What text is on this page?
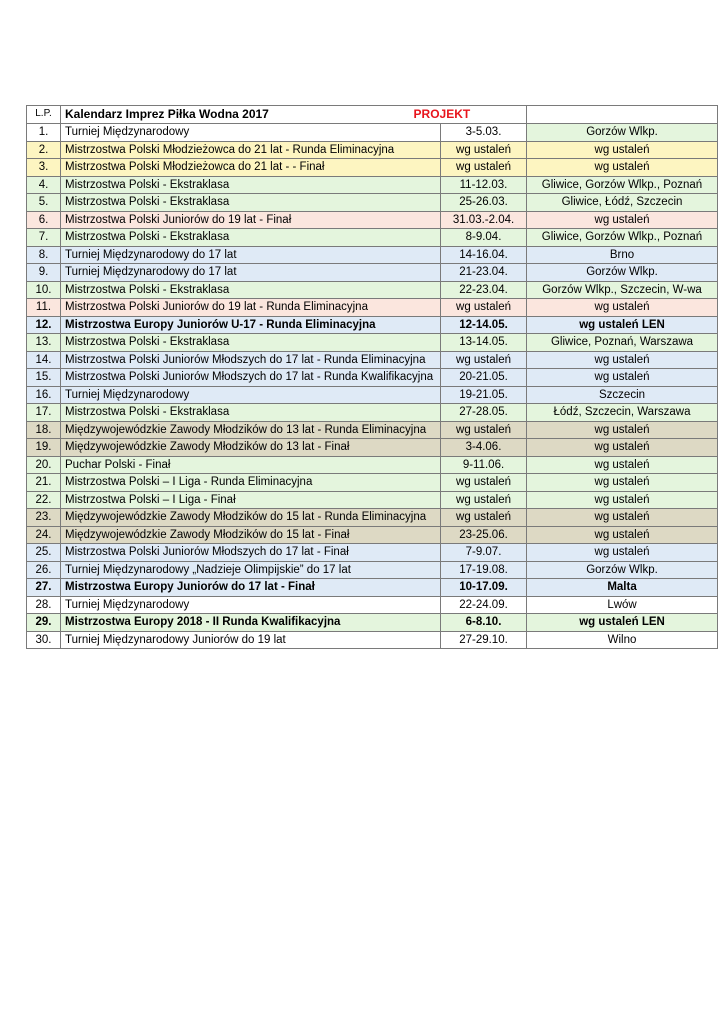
L.P.	Kalendarz Imprez Piłka Wodna 2017 PROJEKT		
1.	Turniej Międzynarodowy	3-5.03.	Gorzów Wlkp.
2.	Mistrzostwa Polski Młodzieżowca do 21 lat - Runda Eliminacyjna	wg ustaleń	wg ustaleń
3.	Mistrzostwa Polski Młodzieżowca do 21 lat - - Finał	wg ustaleń	wg ustaleń
4.	Mistrzostwa Polski - Ekstraklasa	11-12.03.	Gliwice, Gorzów Wlkp., Poznań
5.	Mistrzostwa Polski - Ekstraklasa	25-26.03.	Gliwice, Łódź, Szczecin
6.	Mistrzostwa Polski Juniorów do 19 lat - Finał	31.03.-2.04.	wg ustaleń
7.	Mistrzostwa Polski - Ekstraklasa	8-9.04.	Gliwice, Gorzów Wlkp., Poznań
8.	Turniej Międzynarodowy do 17 lat	14-16.04.	Brno
9.	Turniej Międzynarodowy do 17 lat	21-23.04.	Gorzów Wlkp.
10.	Mistrzostwa Polski - Ekstraklasa	22-23.04.	Gorzów Wlkp., Szczecin, W-wa
11.	Mistrzostwa Polski Juniorów do 19 lat - Runda Eliminacyjna	wg ustaleń	wg ustaleń
12.	Mistrzostwa Europy Juniorów U-17 - Runda Eliminacyjna	12-14.05.	wg ustaleń LEN
13.	Mistrzostwa Polski - Ekstraklasa	13-14.05.	Gliwice, Poznań, Warszawa
14.	Mistrzostwa Polski Juniorów Młodszych do 17 lat - Runda Eliminacyjna	wg ustaleń	wg ustaleń
15.	Mistrzostwa Polski Juniorów Młodszych do 17 lat - Runda Kwalifikacyjna	20-21.05.	wg ustaleń
16.	Turniej Międzynarodowy	19-21.05.	Szczecin
17.	Mistrzostwa Polski - Ekstraklasa	27-28.05.	Łódź, Szczecin, Warszawa
18.	Międzywojewódzkie Zawody Młodzików do 13 lat - Runda Eliminacyjna	wg ustaleń	wg ustaleń
19.	Międzywojewódzkie Zawody Młodzików do 13 lat - Finał	3-4.06.	wg ustaleń
20.	Puchar Polski - Finał	9-11.06.	wg ustaleń
21.	Mistrzostwa Polski – I Liga - Runda Eliminacyjna	wg ustaleń	wg ustaleń
22.	Mistrzostwa Polski – I Liga - Finał	wg ustaleń	wg ustaleń
23.	Międzywojewódzkie Zawody Młodzików do 15 lat - Runda Eliminacyjna	wg ustaleń	wg ustaleń
24.	Międzywojewódzkie Zawody Młodzików do 15 lat - Finał	23-25.06.	wg ustaleń
25.	Mistrzostwa Polski Juniorów Młodszych do 17 lat - Finał	7-9.07.	wg ustaleń
26.	Turniej Międzynarodowy „Nadzieje Olimpijskie” do 17 lat	17-19.08.	Gorzów Wlkp.
27.	Mistrzostwa Europy Juniorów do 17 lat - Finał	10-17.09.	Malta
28.	Turniej Międzynarodowy	22-24.09.	Lwów
29.	Mistrzostwa Europy 2018 - II Runda Kwalifikacyjna	6-8.10.	wg ustaleń LEN
30.	Turniej Międzynarodowy Juniorów do 19 lat	27-29.10.	Wilno
